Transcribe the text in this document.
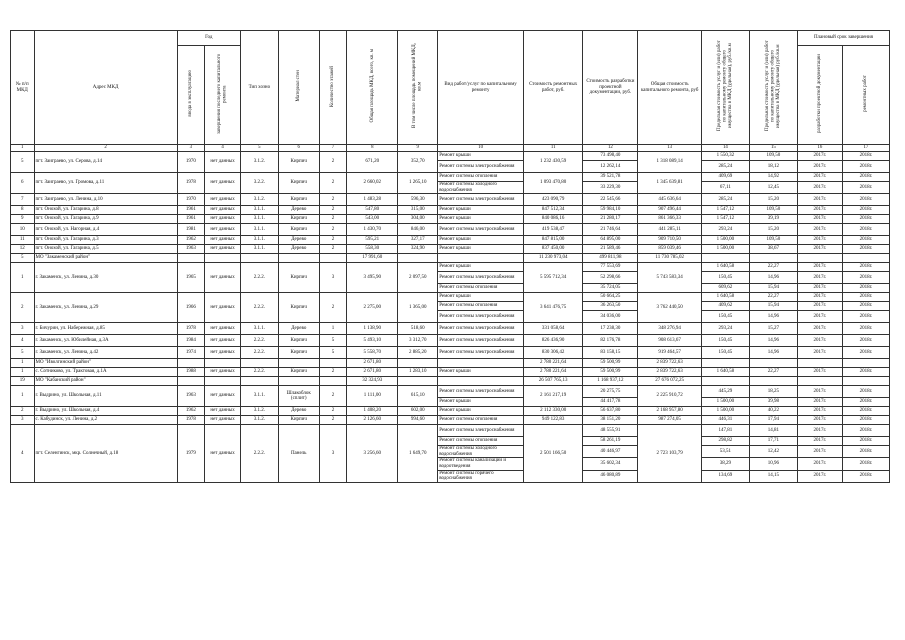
№ п/п МКД	Адрес МКД	Год		Тип хозно	Материал стен	Количество этажей	Общая площадь МКД, всего, кв. м	В том числе площадь помещений МКД, кв.м	Вид работ/услуг по капитальному ремонту	Стоимость ремонтных работ, руб.	Стоимость разработки проектной документации, руб.	Общая стоимость капитального ремонта, руб	Предельная стоимость услуг и (или) работ по капитальному ремонту общего имущества в МКД (удельная), руб./кв.м	Предельная стоимость услуг и (или) работ по капитальному ремонту общего имущества в МКД (удельная) руб./кв.м	Плановый срок завершения	
		ввода в эксплуатацию	завершения последнего капитального ремонта												разработки проектной документации	ремонтных работ
1	2	3	4	5	6	7	8	9	10	11	12	13	14	15	16	17
5	пгт. Заиграево, ул. Серова, д.14	1970	нет данных	3.1.2.	Кирпич	2	671,20	352,70	Ремонт крыши	1 232 430,59	73 498,40	1 318 089,14	1 550,32	109,50	2017г.	2018г.
									Ремонт системы электроснабжения		12 262,14		285,24	18,12	2017г.	2018г.
6	пгт. Заиграево, ул. Громова, д.11	1978	нет данных	3.2.2.	Кирпич	2	2 660,02	1 265,10	Ремонт системы отопления	1 093 470,80	39 521,78	1 345 639,81	409,69	14,92	2017г.	2018г.
									Ремонт системы холодного водоснабжения		33 229,30		67,11	12,45	2017г.	2018г.
7	пгт. Заиграево, ул. Ленина, д.10	1970	нет данных	3.1.2.	Кирпич	2	1 483,28	596,30	Ремонт системы электроснабжения	423 090,79	22 545,66	445 636,64	285,24	15,20	2017г.	2018г.
8	пгт. Онохой, ул. Гагарина, д.8	1961	нет данных	3.1.1.	Дерево	2	547,80	315,00	Ремонт крыши	847 512,34	59 984,10	907 496,44	1 547,12	109,50	2017г.	2018г.
9	пгт. Онохой, ул. Гагарина, д.9	1961	нет данных	3.1.1.	Кирпич	2	543,00	304,00	Ремонт крыши	840 086,16	21 280,17	861 366,33	1 547,12	39,19	2017г.	2018г.
10	пгт. Онохой, ул. Нагорная, д.4	1981	нет данных	3.1.1.	Кирпич	2	1 430,70	846,00	Ремонт системы электроснабжения	419 538,47	21 746,64	441 285,11	293,24	15,20	2017г.	2018г.
11	пгт. Онохой, ул. Гагарина, д.3	1962	нет данных	3.1.1.	Дерево	2	595,21	327,17	Ремонт крыши	847 815,00	64 895,00	909 710,50	1 500,00	109,50	2017г.	2018г.
12	пгт. Онохой, ул. Гагарина, д.5	1963	нет данных	3.1.1.	Дерево	2	558,30	324,90	Ремонт крыши	837 450,00	21 589,46	859 039,46	1 500,00	38,67	2017г.	2018г.
5	МО "Закаменский район"						17 991,60			11 230 973,04	499 811,98	11 730 785,02				
1	г. Закаменск, ул. Ленина, д.30	1965	нет данных	2.2.2.	Кирпич	3	3 495,90	2 097,50	Ремонт крыши	5 595 712,34	77 553,69	5 743 583,34	1 640,58	22,27	2017г.	2018г.
									Ремонт системы электроснабжения		52 298,66		150,45	14,96	2017г.	2018г.
									Ремонт системы отопления		35 724,05		609,62	15,94	2017г.	2018г.
2	г. Закаменск, ул. Ленина, д.29	1966	нет данных	2.2.2.	Кирпич	2	2 275,00	1 365,00	Ремонт крыши	3 641 476,75	50 664,25	3 762 440,50	1 640,58	22,27	2017г.	2018г.
									Ремонт системы отопления		36 263,50		409,62	15,94	2017г.	2018г.
									Ремонт системы электроснабжения		34 036,00		150,45	14,96	2017г.	2018г.
3	г. Бичурин, ул. Набережная, д.85	1978	нет данных	3.1.1.	Дерево	1	1 138,90	518,60	Ремонт системы электроснабжения	331 058,64	17 238,30	348 276,94	293,24	15,27	2017г.	2018г.
4	г. Закаменск, ул. Юбилейная, д.3А	1984	нет данных	2.2.2.	Кирпич	5	5 493,10	3 312,70	Ремонт системы электроснабжения	826 436,90	82 176,78	908 613,67	150,45	14,96	2017г.	2018г.
5	г. Закаменск, ул. Ленина, д.42	1974	нет данных	2.2.2.	Кирпич	5	5 558,70	2 885,20	Ремонт системы электроснабжения	830 306,42	83 158,15	919 464,57	150,45	14,96	2017г.	2018г.
1	МО "Иволгинский район"						2 671,80			2 780 221,64	59 500,99	2 839 722,63				
1	с. Сотниково, ул. Трактовая, д.1А	1988	нет данных	2.2.2.	Кирпич	2	2 671,80	1 283,10	Ремонт крыши	2 780 221,64	59 500,99	2 839 722,63	1 640,58	22,27	2017г.	2018г.
19	МО "Кабанский район"						32 324,93			26 507 765,13	1 168 937,12	27 676 072,25				
1	г. Выдрино, ул. Школьная, д.11	1963	нет данных	3.1.1.	Шлакоблок (сплит)	2	1 111,00	615,10	Ремонт системы электроснабжения	2 161 217,19	20 275,75	2 225 910,72	445,29	18,25	2017г.	2018г.
									Ремонт крыши		44 417,78		1 500,00	39,98	2017г.	2018г.
2	г. Выдрино, ул. Школьная, д.4	1962	нет данных	3.1.2.	Дерево	2	1 408,20	602,00	Ремонт крыши	2 112 330,00	56 637,80	2 168 957,80	1 500,00	40,22	2017г.	2018г.
3	с. Кабудинск, ул. Ленина, д.2	1978	нет данных	3.1.2.	Кирпич	2	2 126,60	994,60	Ремонт системы отопления	949 122,83	38 151,20	987 274,05	446,31	17,94	2017г.	2018г.
4	пгт. Селенгинск, мкр. Солнечный, д.18	1979	нет данных	2.2.2.	Панель	3	3 256,60	1 649,70	Ремонт системы электроснабжения	2 501 166,50	48 555,91	2 723 103,79	147,81	14,81	2017г.	2018г.
									Ремонт системы отопления		58 261,19		298,82	17,71	2017г.	2018г.
									Ремонт системы холодного водоснабжения		40 446,97		53,51	12,42	2017г.	2018г.
									Ремонт системы канализации и водоотведения		35 602,34		38,29	10,96	2017г.	2018г.
									Ремонт системы горячего водоснабжения		46 080,89		134,69	14,15	2017г.	2018г.
